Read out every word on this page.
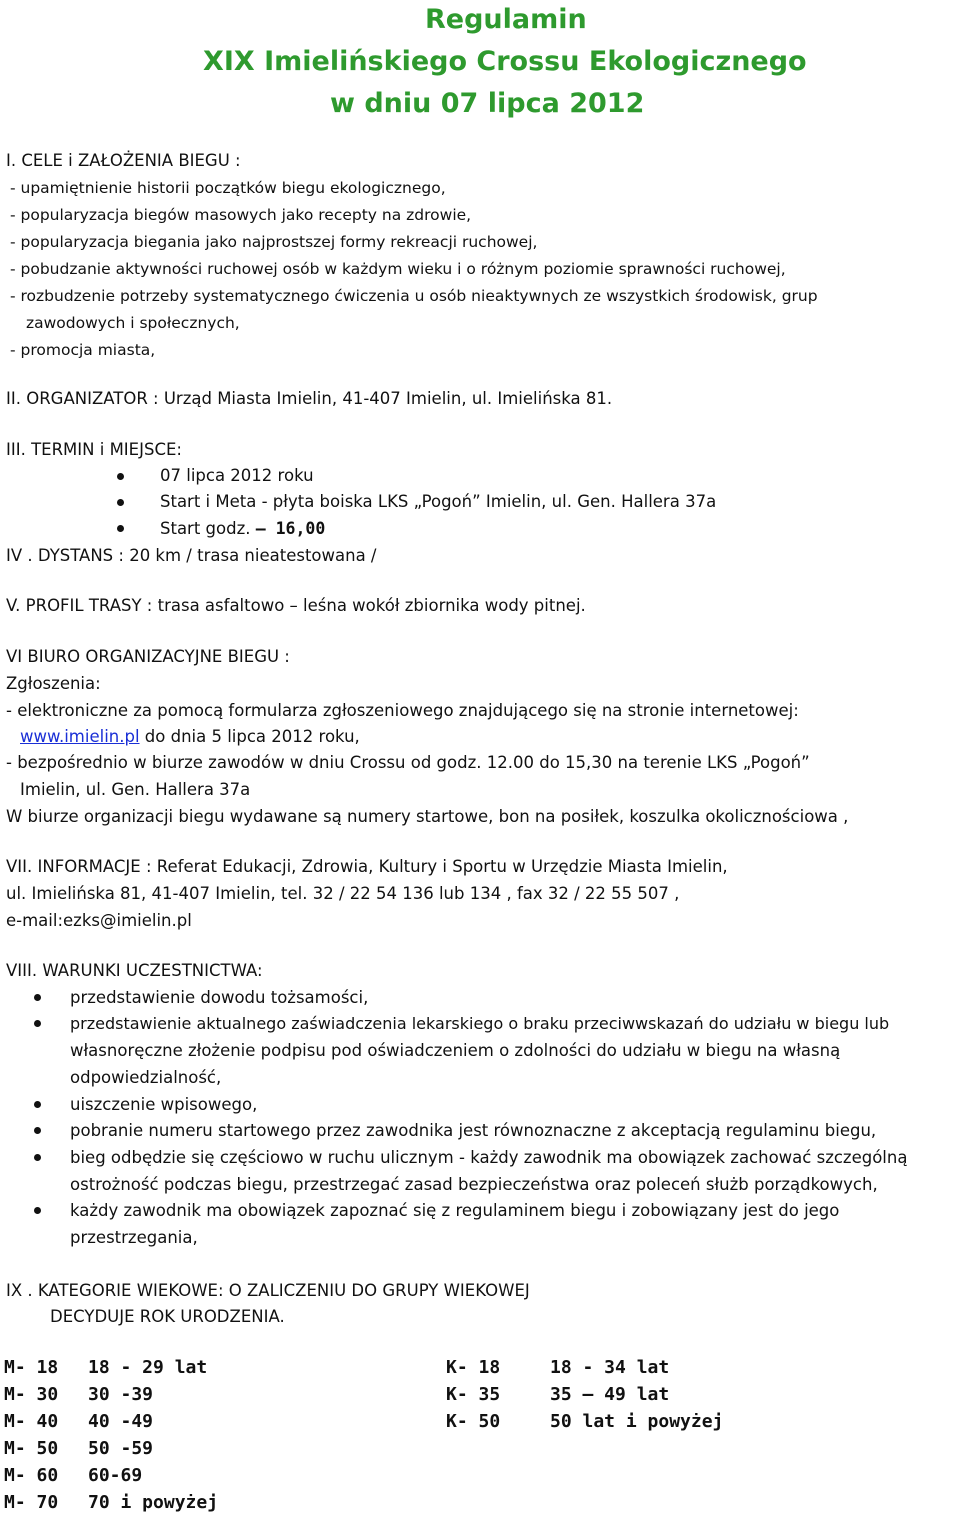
Regulamin
XIX Imielińskiego Crossu Ekologicznego
w dniu 07 lipca 2012
I. CELE i ZAŁOŻENIA BIEGU :
- upamiętnienie historii początków biegu ekologicznego,
- popularyzacja biegów masowych jako recepty na zdrowie,
- popularyzacja biegania jako najprostszej formy rekreacji ruchowej,
- pobudzanie aktywności ruchowej osób w każdym wieku i o różnym poziomie sprawności ruchowej,
- rozbudzenie potrzeby systematycznego ćwiczenia u osób nieaktywnych ze wszystkich środowisk, grup
zawodowych i społecznych,
- promocja miasta,
II. ORGANIZATOR : Urząd Miasta Imielin, 41-407 Imielin, ul. Imielińska 81.
III. TERMIN i MIEJSCE:
07 lipca 2012 roku
Start i Meta - płyta boiska LKS „Pogoń” Imielin, ul. Gen. Hallera 37a
Start godz. – 16,00
IV . DYSTANS : 20 km / trasa nieatestowana /
V. PROFIL TRASY : trasa asfaltowo – leśna wokół zbiornika wody pitnej.
VI BIURO ORGANIZACYJNE BIEGU :
Zgłoszenia:
- elektroniczne za pomocą formularza zgłoszeniowego znajdującego się na stronie internetowej:
www.imielin.pl do dnia 5 lipca 2012 roku,
- bezpośrednio w biurze zawodów w dniu Crossu od godz. 12.00 do 15,30 na terenie LKS „Pogoń”
Imielin, ul. Gen. Hallera 37a
W biurze organizacji biegu wydawane są numery startowe, bon na posiłek, koszulka okolicznościowa ,
VII. INFORMACJE : Referat Edukacji, Zdrowia, Kultury i Sportu w Urzędzie Miasta Imielin,
ul. Imielińska 81, 41-407 Imielin, tel. 32 / 22 54 136 lub 134 , fax 32 / 22 55 507 ,
e-mail:ezks@imielin.pl
VIII. WARUNKI UCZESTNICTWA:
przedstawienie dowodu tożsamości,
przedstawienie aktualnego zaświadczenia lekarskiego o braku przeciwwskazań do udziału w biegu lub
własnoręczne złożenie podpisu pod oświadczeniem o zdolności do udziału w biegu na własną
odpowiedzialność,
uiszczenie wpisowego,
pobranie numeru startowego przez zawodnika jest równoznaczne z akceptacją regulaminu biegu,
bieg odbędzie się częściowo w ruchu ulicznym - każdy zawodnik ma obowiązek zachować szczególną
ostrożność podczas biegu, przestrzegać zasad bezpieczeństwa oraz poleceń służb porządkowych,
każdy zawodnik ma obowiązek zapoznać się z regulaminem biegu i zobowiązany jest do jego
przestrzegania,
IX . KATEGORIE WIEKOWE: O ZALICZENIU DO GRUPY WIEKOWEJ
DECYDUJE ROK URODZENIA.
M- 18 18 - 29 lat
M- 30 30 -39
M- 40 40 -49
M- 50 50 -59
M- 60 60-69
M- 70 70 i powyżej
K- 18	18 - 34 lat
K- 35	35 – 49 lat
K- 50	50 lat i powyżej
